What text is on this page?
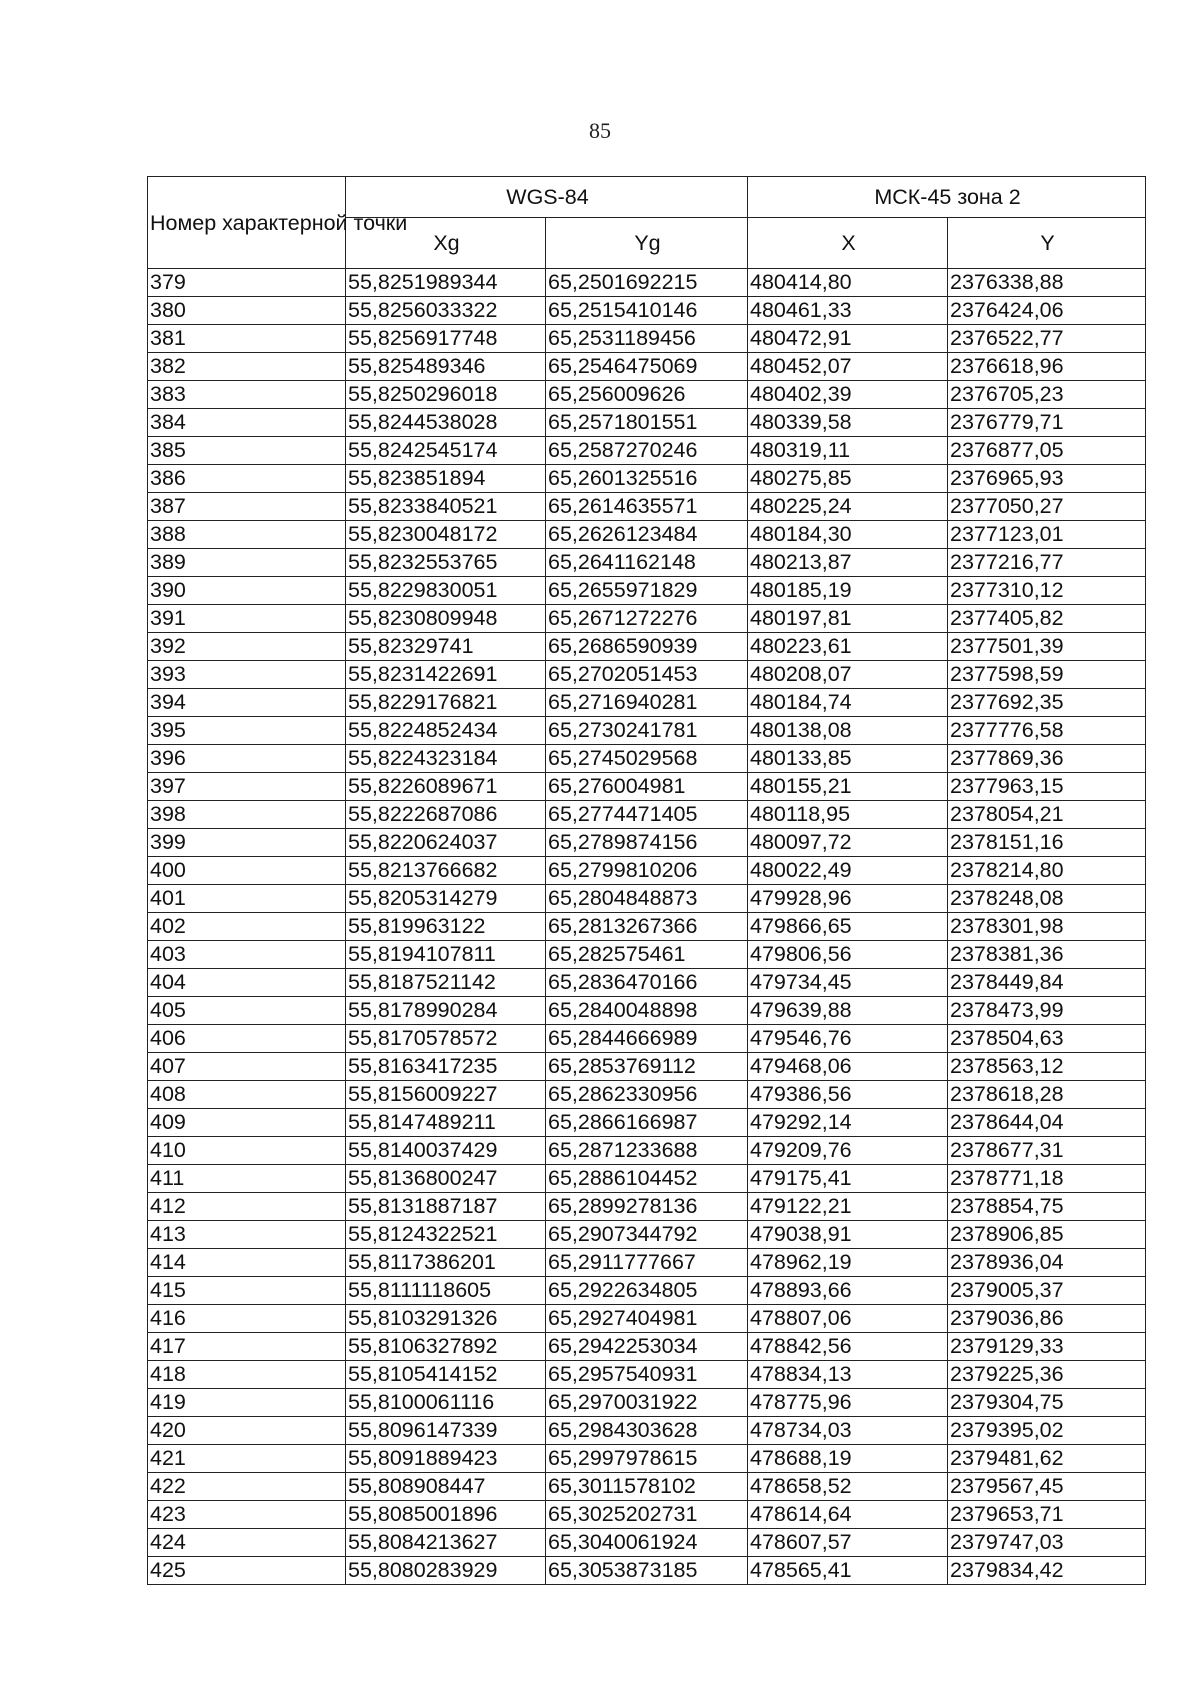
85
Номер характерной точки	WGS-84		МСК-45 зона 2	
	Xg	Yg	X	Y
379	55,8251989344	65,2501692215	480414,80	2376338,88
380	55,8256033322	65,2515410146	480461,33	2376424,06
381	55,8256917748	65,2531189456	480472,91	2376522,77
382	55,825489346	65,2546475069	480452,07	2376618,96
383	55,8250296018	65,256009626	480402,39	2376705,23
384	55,8244538028	65,2571801551	480339,58	2376779,71
385	55,8242545174	65,2587270246	480319,11	2376877,05
386	55,823851894	65,2601325516	480275,85	2376965,93
387	55,8233840521	65,2614635571	480225,24	2377050,27
388	55,8230048172	65,2626123484	480184,30	2377123,01
389	55,8232553765	65,2641162148	480213,87	2377216,77
390	55,8229830051	65,2655971829	480185,19	2377310,12
391	55,8230809948	65,2671272276	480197,81	2377405,82
392	55,82329741	65,2686590939	480223,61	2377501,39
393	55,8231422691	65,2702051453	480208,07	2377598,59
394	55,8229176821	65,2716940281	480184,74	2377692,35
395	55,8224852434	65,2730241781	480138,08	2377776,58
396	55,8224323184	65,2745029568	480133,85	2377869,36
397	55,8226089671	65,276004981	480155,21	2377963,15
398	55,8222687086	65,2774471405	480118,95	2378054,21
399	55,8220624037	65,2789874156	480097,72	2378151,16
400	55,8213766682	65,2799810206	480022,49	2378214,80
401	55,8205314279	65,2804848873	479928,96	2378248,08
402	55,819963122	65,2813267366	479866,65	2378301,98
403	55,8194107811	65,282575461	479806,56	2378381,36
404	55,8187521142	65,2836470166	479734,45	2378449,84
405	55,8178990284	65,2840048898	479639,88	2378473,99
406	55,8170578572	65,2844666989	479546,76	2378504,63
407	55,8163417235	65,2853769112	479468,06	2378563,12
408	55,8156009227	65,2862330956	479386,56	2378618,28
409	55,8147489211	65,2866166987	479292,14	2378644,04
410	55,8140037429	65,2871233688	479209,76	2378677,31
411	55,8136800247	65,2886104452	479175,41	2378771,18
412	55,8131887187	65,2899278136	479122,21	2378854,75
413	55,8124322521	65,2907344792	479038,91	2378906,85
414	55,8117386201	65,2911777667	478962,19	2378936,04
415	55,8111118605	65,2922634805	478893,66	2379005,37
416	55,8103291326	65,2927404981	478807,06	2379036,86
417	55,8106327892	65,2942253034	478842,56	2379129,33
418	55,8105414152	65,2957540931	478834,13	2379225,36
419	55,8100061116	65,2970031922	478775,96	2379304,75
420	55,8096147339	65,2984303628	478734,03	2379395,02
421	55,8091889423	65,2997978615	478688,19	2379481,62
422	55,808908447	65,3011578102	478658,52	2379567,45
423	55,8085001896	65,3025202731	478614,64	2379653,71
424	55,8084213627	65,3040061924	478607,57	2379747,03
425	55,8080283929	65,3053873185	478565,41	2379834,42
